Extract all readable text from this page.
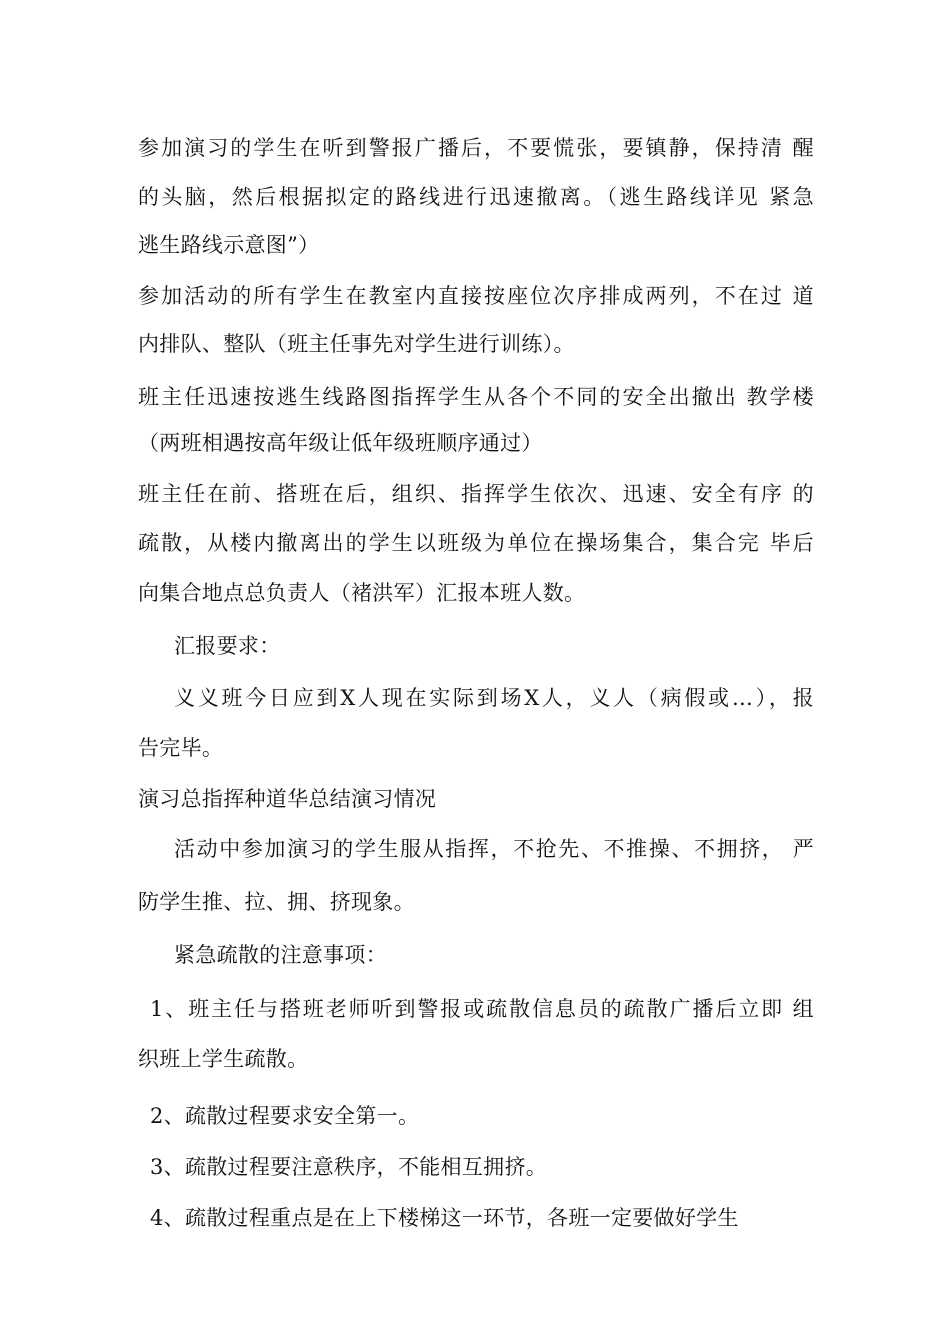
参加演习的学生在听到警报广播后，不要慌张，要镇静，保持清 醒
的头脑，然后根据拟定的路线进行迅速撤离。（逃生路线详见 紧急
逃生路线示意图”）
参加活动的所有学生在教室内直接按座位次序排成两列，不在过 道
内排队、整队（班主任事先对学生进行训练）。
班主任迅速按逃生线路图指挥学生从各个不同的安全出撤出 教学楼
（两班相遇按高年级让低年级班顺序通过）
班主任在前、搭班在后，组织、指挥学生依次、迅速、安全有序 的
疏散，从楼内撤离出的学生以班级为单位在操场集合，集合完 毕后
向集合地点总负责人（褚洪军）汇报本班人数。
汇报要求：
义义班今日应到X人现在实际到场X人，义人（病假或…），报
告完毕。
演习总指挥种道华总结演习情况
活动中参加演习的学生服从指挥，不抢先、不推操、不拥挤， 严
防学生推、拉、拥、挤现象。
紧急疏散的注意事项：
1、班主任与搭班老师听到警报或疏散信息员的疏散广播后立即 组
织班上学生疏散。
2、疏散过程要求安全第一。
3、疏散过程要注意秩序，不能相互拥挤。
4、疏散过程重点是在上下楼梯这一环节，各班一定要做好学生
